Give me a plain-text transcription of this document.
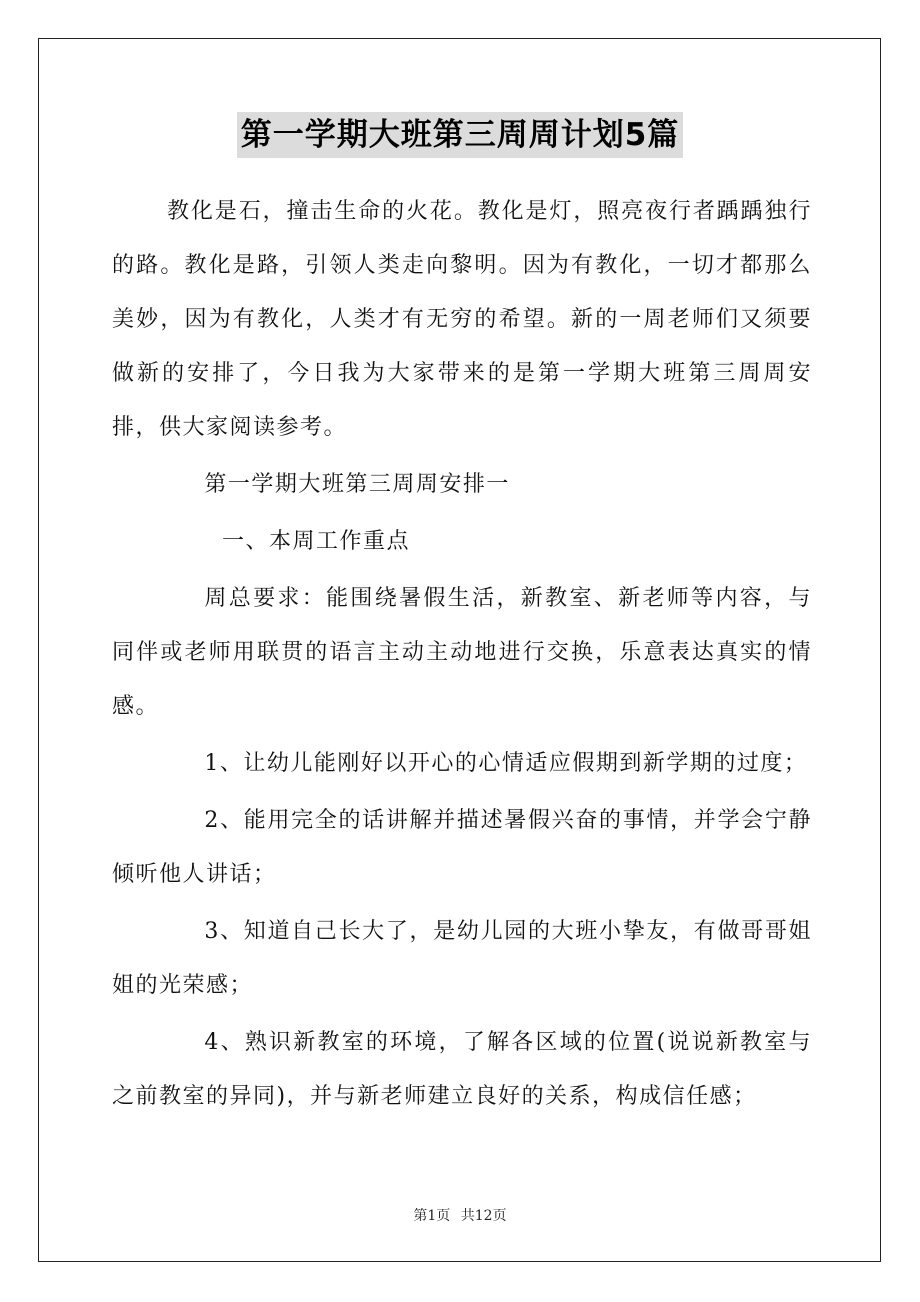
第一学期大班第三周周计划5篇

教化是石，撞击生命的火花。教化是灯，照亮夜行者踽踽独行的路。教化是路，引领人类走向黎明。因为有教化，一切才都那么美妙，因为有教化，人类才有无穷的希望。新的一周老师们又须要做新的安排了，今日我为大家带来的是第一学期大班第三周周安排，供大家阅读参考。

第一学期大班第三周周安排一

一、本周工作重点

周总要求：能围绕暑假生活，新教室、新老师等内容，与同伴或老师用联贯的语言主动主动地进行交换，乐意表达真实的情感。

1、让幼儿能刚好以开心的心情适应假期到新学期的过度；

2、能用完全的话讲解并描述暑假兴奋的事情，并学会宁静倾听他人讲话；

3、知道自己长大了，是幼儿园的大班小挚友，有做哥哥姐姐的光荣感；

4、熟识新教室的环境，了解各区域的位置(说说新教室与之前教室的异同)，并与新老师建立良好的关系，构成信任感；

第1页 共12页
